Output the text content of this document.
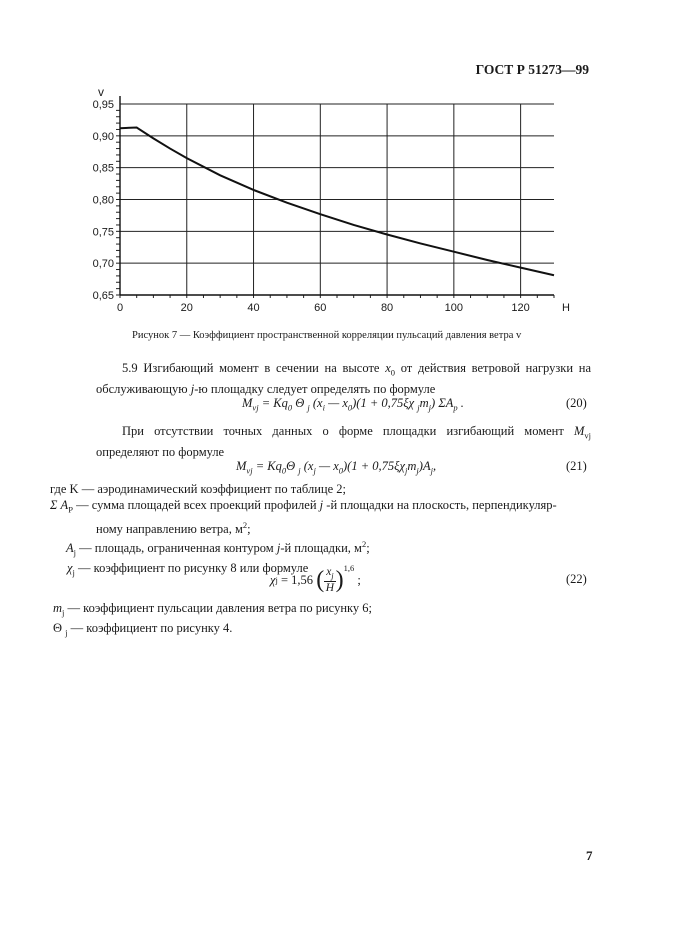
ГОСТ Р 51273—99
0	20	40	60	80	100	120
0,65
0,70
0,75
0,80
0,85
0,90
0,95
v
H
Рисунок 7 — Коэффициент пространственной корреляции пульсаций давления ветра v
5.9 Изгибающий момент в сечении на высоте $x_0$ от действия ветровой нагрузки на обслуживающую j-ю площадку следует определять по формуле
$M_{vj} = Kq_0$ Θ $_j$ ($x_i$ — $x_0)(1 + 0,75\xi\chi$ $_jm_j$) $\Sigma A_p$ .	(20)
При отсутствии точных данных о форме площадки изгибающий момент $M_{vj}$ определяют по формуле
$M_{vj} = Kq_0\Theta$ $_j$ ($x_j$ — $x_0)(1 + 0,75\xi\chi_jm_j)A_j$,	(21)
где K — аэродинамический коэффициент по таблице 2;
Σ $A_P$ — сумма площадей всех проекций профилей j -й площадки на плоскость, перпендикуляр-
ному направлению ветра, $м^2$;
$A_j$ — площадь, ограниченная контуром j-й площадки, $м^2$;
$\chi_j$ — коэффициент по рисунку 8 или формуле
χ j = 1,56 ( $x_j$
H )$^{1,6}$
;	(22)
$m_j$ — коэффициент пульсации давления ветра по рисунку 6;
Θ $_j$ — коэффициент по рисунку 4.
7
